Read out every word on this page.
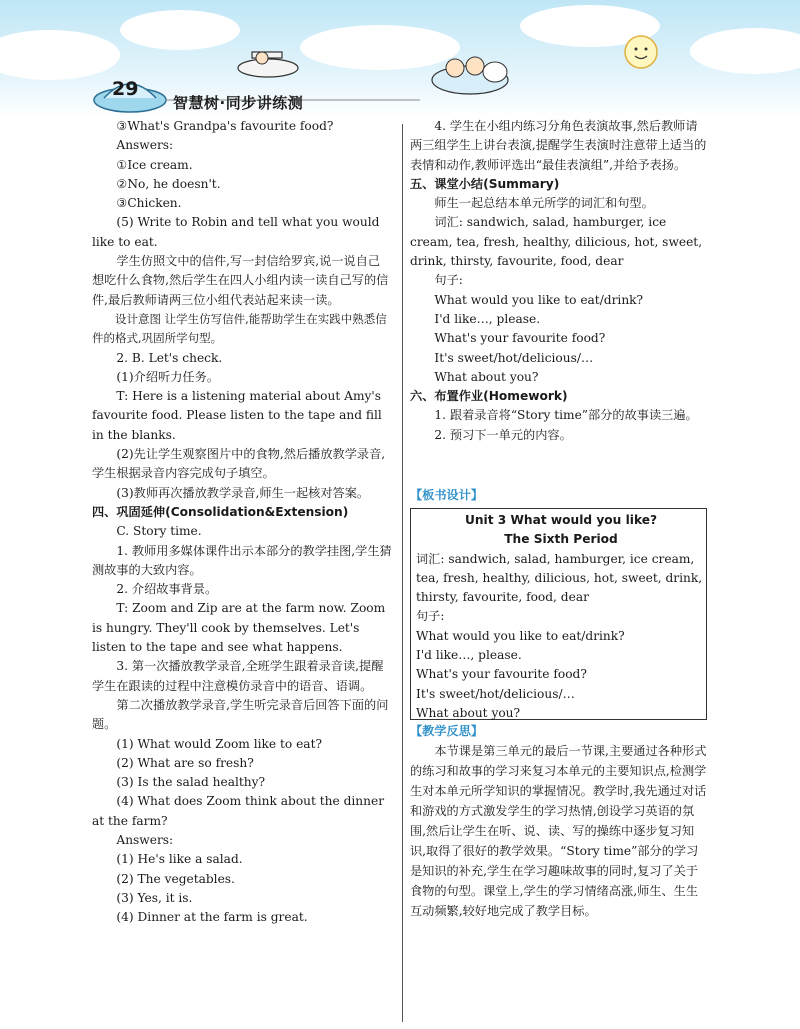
29
智慧树·同步讲练测

③What's Grandpa's favourite food?

Answers:

①Ice cream.

②No, he doesn't.

③Chicken.

(5) Write to Robin and tell what you would like to eat.

学生仿照文中的信件,写一封信给罗宾,说一说自己想吃什么食物,然后学生在四人小组内读一读自己写的信件,最后教师请两三位小组代表站起来读一读。

设计意图 让学生仿写信件,能帮助学生在实践中熟悉信件的格式,巩固所学句型。

2. B. Let's check.

(1)介绍听力任务。

T: Here is a listening material about Amy's favourite food. Please listen to the tape and fill in the blanks.

(2)先让学生观察图片中的食物,然后播放教学录音,学生根据录音内容完成句子填空。

(3)教师再次播放教学录音,师生一起核对答案。

四、巩固延伸(Consolidation&Extension)

C. Story time.

1. 教师用多媒体课件出示本部分的教学挂图,学生猜测故事的大致内容。

2. 介绍故事背景。

T: Zoom and Zip are at the farm now. Zoom is hungry. They'll cook by themselves. Let's listen to the tape and see what happens.

3. 第一次播放教学录音,全班学生跟着录音读,提醒学生在跟读的过程中注意模仿录音中的语音、语调。

第二次播放教学录音,学生听完录音后回答下面的问题。

(1) What would Zoom like to eat?

(2) What are so fresh?

(3) Is the salad healthy?

(4) What does Zoom think about the dinner at the farm?

Answers:

(1) He's like a salad.

(2) The vegetables.

(3) Yes, it is.

(4) Dinner at the farm is great.

4. 学生在小组内练习分角色表演故事,然后教师请两三组学生上讲台表演,提醒学生表演时注意带上适当的表情和动作,教师评选出“最佳表演组”,并给予表扬。

五、课堂小结(Summary)

师生一起总结本单元所学的词汇和句型。

词汇: sandwich, salad, hamburger, ice cream, tea, fresh, healthy, dilicious, hot, sweet, drink, thirsty, favourite, food, dear

句子:

What would you like to eat/drink?

I'd like…, please.

What's your favourite food?

It's sweet/hot/delicious/…

What about you?

六、布置作业(Homework)

1. 跟着录音将“Story time”部分的故事读三遍。

2. 预习下一单元的内容。

【板书设计】

Unit 3 What would you like?

The Sixth Period

词汇: sandwich, salad, hamburger, ice cream, tea, fresh, healthy, dilicious, hot, sweet, drink, thirsty, favourite, food, dear

句子:

What would you like to eat/drink?

I'd like…, please.

What's your favourite food?

It's sweet/hot/delicious/…

What about you?

【教学反思】

本节课是第三单元的最后一节课,主要通过各种形式的练习和故事的学习来复习本单元的主要知识点,检测学生对本单元所学知识的掌握情况。教学时,我先通过对话和游戏的方式激发学生的学习热情,创设学习英语的氛围,然后让学生在听、说、读、写的操练中逐步复习知识,取得了很好的教学效果。“Story time”部分的学习是知识的补充,学生在学习趣味故事的同时,复习了关于食物的句型。课堂上,学生的学习情绪高涨,师生、生生互动频繁,较好地完成了教学目标。
